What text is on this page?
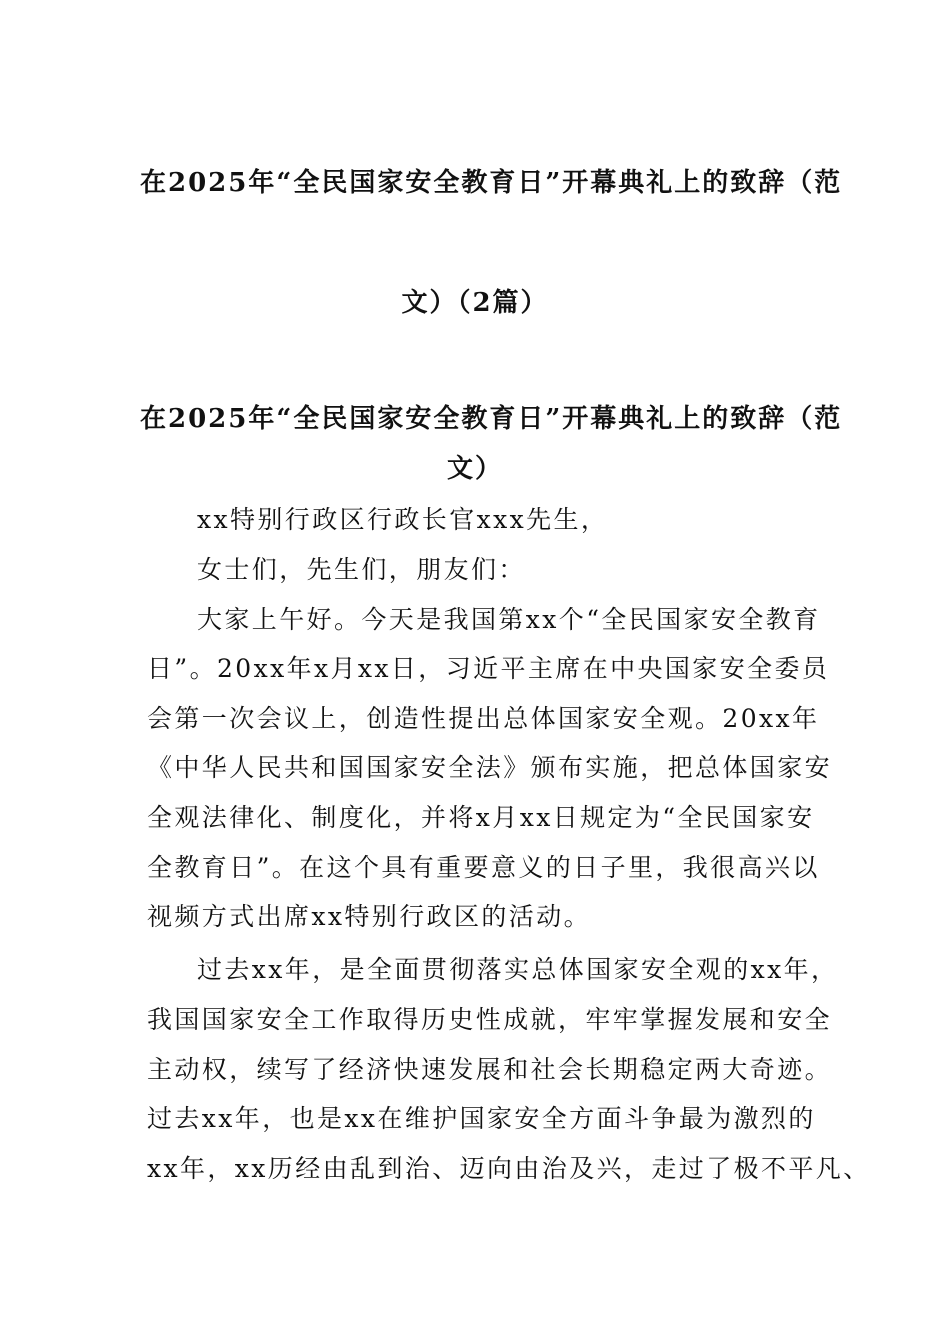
在2025年“全民国家安全教育日”开幕典礼上的致辞（范
文）（2篇）
在2025年“全民国家安全教育日”开幕典礼上的致辞（范
文）

xx特别行政区行政长官xxx先生，

女士们，先生们，朋友们：

大家上午好。今天是我国第xx个“全民国家安全教育

日”。20xx年x月xx日，习近平主席在中央国家安全委员

会第一次会议上，创造性提出总体国家安全观。20xx年

《中华人民共和国国家安全法》颁布实施，把总体国家安

全观法律化、制度化，并将x月xx日规定为“全民国家安

全教育日”。在这个具有重要意义的日子里，我很高兴以

视频方式出席xx特别行政区的活动。

过去xx年，是全面贯彻落实总体国家安全观的xx年，

我国国家安全工作取得历史性成就，牢牢掌握发展和安全

主动权，续写了经济快速发展和社会长期稳定两大奇迹。

过去xx年，也是xx在维护国家安全方面斗争最为激烈的

xx年，xx历经由乱到治、迈向由治及兴，走过了极不平凡、
